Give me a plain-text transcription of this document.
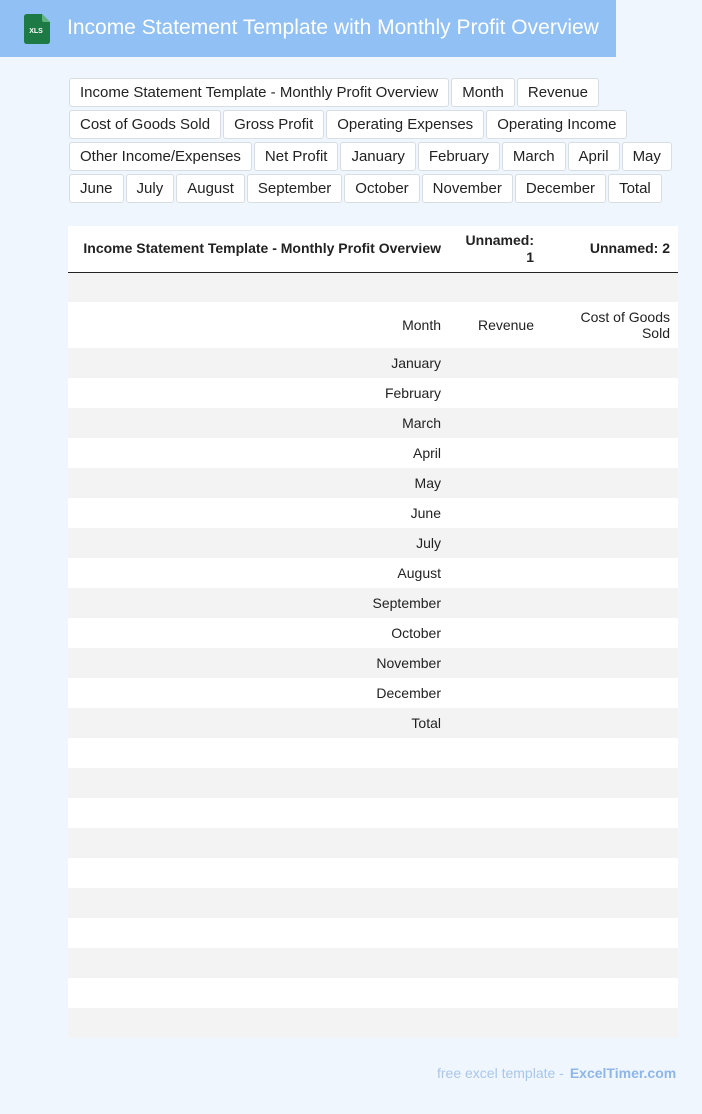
XLS Income Statement Template with Monthly Profit Overview
Income Statement Template - Monthly Profit Overview	Month	Revenue
Cost of Goods Sold	Gross Profit	Operating Expenses	Operating Income
Other Income/Expenses	Net Profit	January	February	March	April	May
June	July	August	September	October	November	December	Total
	Income Statement Template - Monthly Profit Overview	Unnamed: 1	Unnamed: 2

	Month	Revenue	Cost of Goods Sold
	January		
	February		
	March		
	April		
	May		
	June		
	July		
	August		
	September		
	October		
	November		
	December		
	Total		

free excel template - ExcelTimer.com
